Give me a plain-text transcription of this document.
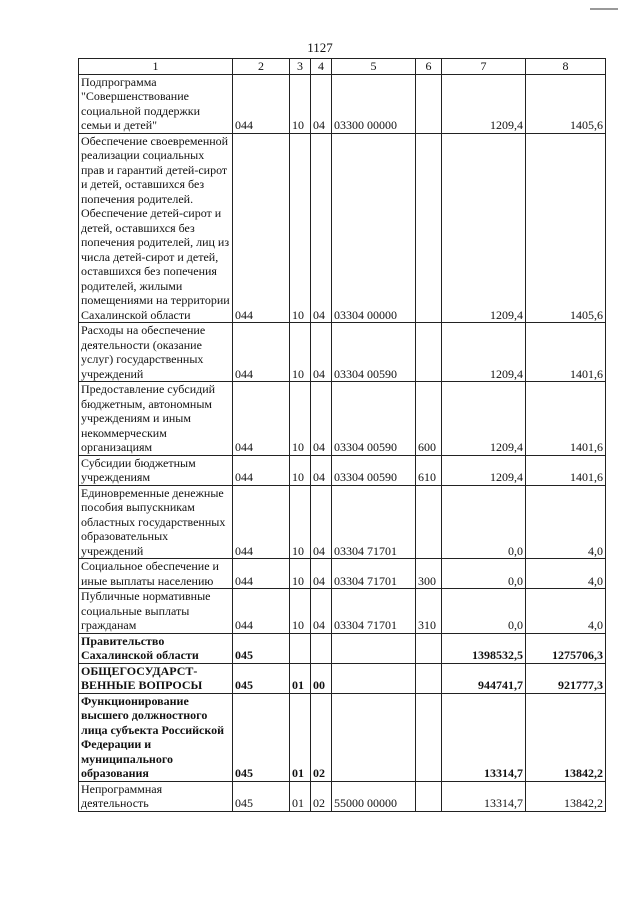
1127
1	2	3	4	5	6	7	8
Подпрограмма "Совершенствование социальной поддержки семьи и детей"	044	10	04	03300 00000		1209,4	1405,6
Обеспечение своевременной реализации социальных прав и гарантий детей-сирот и детей, оставшихся без попечения родителей. Обеспечение детей-сирот и детей, оставшихся без попечения родителей, лиц из числа детей-сирот и детей, оставшихся без попечения родителей, жилыми помещениями на территории Сахалинской области	044	10	04	03304 00000		1209,4	1405,6
Расходы на обеспечение деятельности (оказание услуг) государственных учреждений	044	10	04	03304 00590		1209,4	1401,6
Предоставление субсидий бюджетным, автономным учреждениям и иным некоммерческим организациям	044	10	04	03304 00590	600	1209,4	1401,6
Субсидии бюджетным учреждениям	044	10	04	03304 00590	610	1209,4	1401,6
Единовременные денежные пособия выпускникам областных государственных образовательных учреждений	044	10	04	03304 71701		0,0	4,0
Социальное обеспечение и иные выплаты населению	044	10	04	03304 71701	300	0,0	4,0
Публичные нормативные социальные выплаты гражданам	044	10	04	03304 71701	310	0,0	4,0
Правительство Сахалинской области	045					1398532,5	1275706,3
ОБЩЕГОСУДАРСТ-ВЕННЫЕ ВОПРОСЫ	045	01	00			944741,7	921777,3
Функционирование высшего должностного лица субъекта Российской Федерации и муниципального образования	045	01	02			13314,7	13842,2
Непрограммная деятельность	045	01	02	55000 00000		13314,7	13842,2
